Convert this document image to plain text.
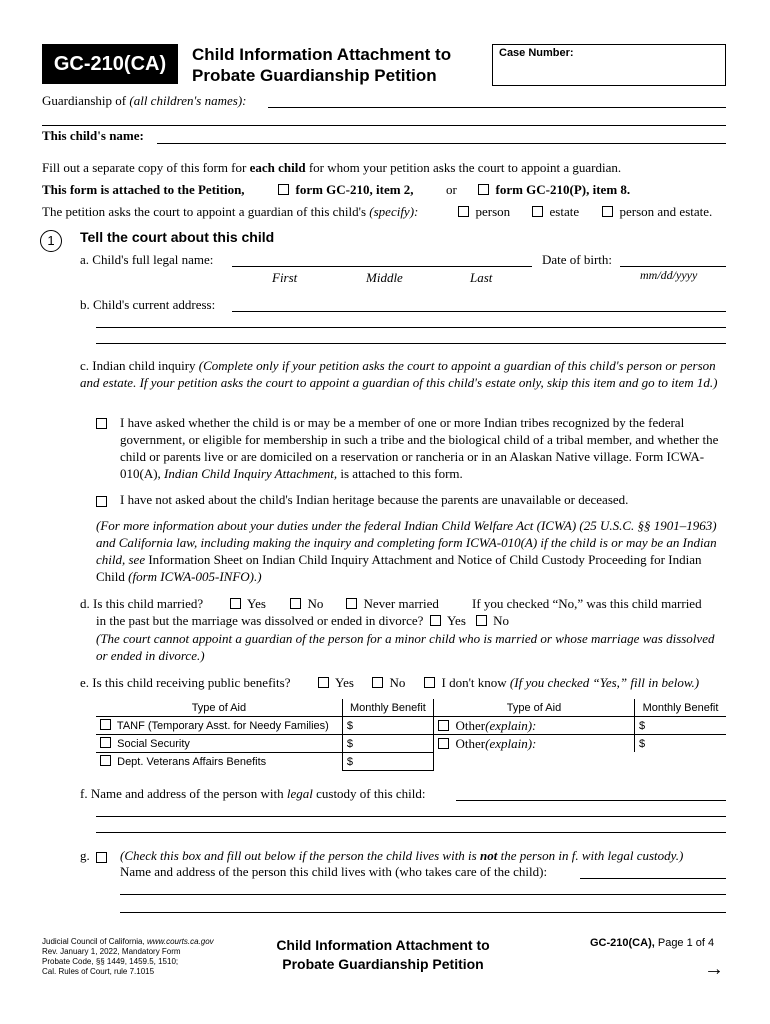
GC-210(CA)	Child Information Attachment to
Probate Guardianship Petition
Case Number:
Guardianship of (all children's names):
This child's name:
Fill out a separate copy of this form for each child for whom your petition asks the court to appoint a guardian.
This form is attached to the Petition,	form GC-210, item 2, or	form GC-210(P), item 8.
The petition asks the court to appoint a guardian of this child's (specify):	person	estate	person and estate.
1	Tell the court about this child
a. Child's full legal name:
First	Middle	Last
Date of birth:
mm/dd/yyyy
b. Child's current address:
c. Indian child inquiry (Complete only if your petition asks the court to appoint a guardian of this child's person or person and estate. If your petition asks the court to appoint a guardian of this child's estate only, skip this item and go to item 1d.)
I have asked whether the child is or may be a member of one or more Indian tribes recognized by the federal government, or eligible for membership in such a tribe and the biological child of a tribal member, and whether the child or parents live or are domiciled on a reservation or rancheria or in an Alaskan Native village. Form ICWA-010(A), Indian Child Inquiry Attachment, is attached to this form.
I have not asked about the child's Indian heritage because the parents are unavailable or deceased.
(For more information about your duties under the federal Indian Child Welfare Act (ICWA) (25 U.S.C. §§ 1901–1963) and California law, including making the inquiry and completing form ICWA-010(A) if the child is or may be an Indian child, see Information Sheet on Indian Child Inquiry Attachment and Notice of Child Custody Proceeding for Indian Child (form ICWA-005-INFO).)
d. Is this child married?	Yes	No	Never married	If you checked “No,” was this child married
in the past but the marriage was dissolved or ended in divorce? Yes No
(The court cannot appoint a guardian of the person for a minor child who is married or whose marriage was dissolved or ended in divorce.)
e. Is this child receiving public benefits?	Yes	No	I don't know (If you checked “Yes,” fill in below.)
Type of Aid	Monthly Benefit
TANF (Temporary Asst. for Needy Families)	$
Social Security	$
Dept. Veterans Affairs Benefits	$
Type of Aid	Monthly Benefit
Other(explain):	$
Other(explain):	$
f. Name and address of the person with legal custody of this child:
g. (Check this box and fill out below if the person the child lives with is not the person in f. with legal custody.)
Name and address of the person this child lives with (who takes care of the child):
Judicial Council of California, www.courts.ca.gov
Rev. January 1, 2022, Mandatory Form
Probate Code, §§ 1449, 1459.5, 1510;
Cal. Rules of Court, rule 7.1015
Child Information Attachment to
Probate Guardianship Petition
GC-210(CA), Page 1 of 4
→
